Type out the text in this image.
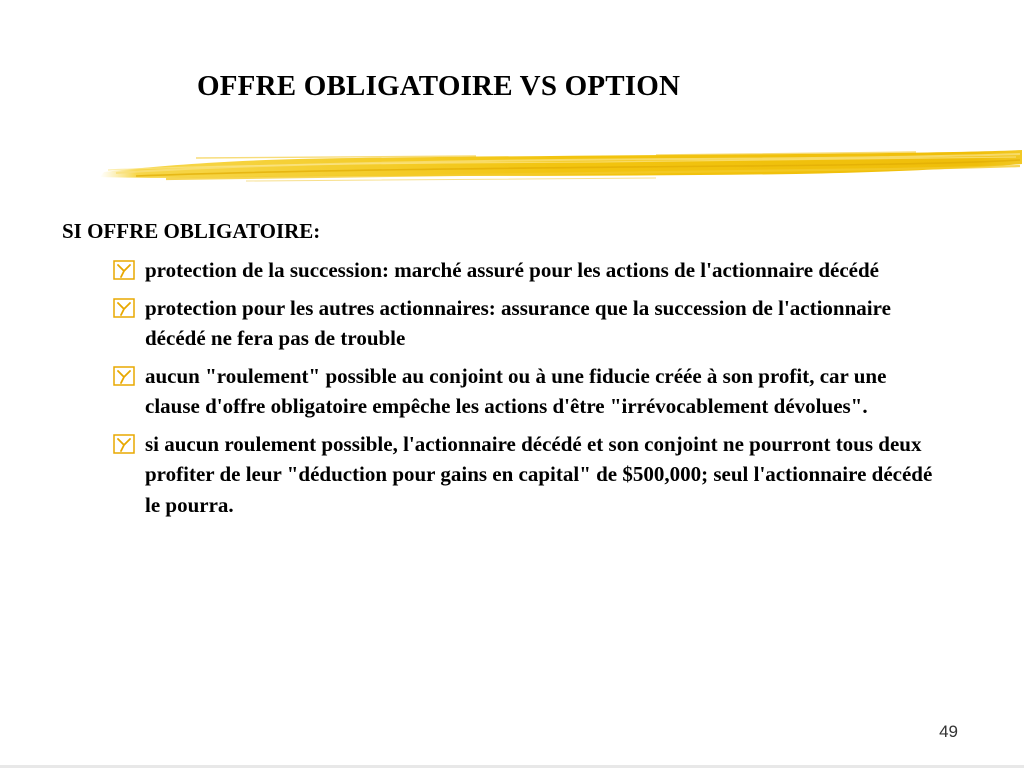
OFFRE OBLIGATOIRE VS OPTION
SI OFFRE OBLIGATOIRE:
protection de la succession: marché assuré pour les actions de l'actionnaire décédé
protection pour les autres actionnaires: assurance que la succession de l'actionnaire décédé ne fera pas de trouble
aucun "roulement" possible au conjoint ou à une fiducie créée à son profit, car une clause d'offre obligatoire empêche les actions d'être "irrévocablement dévolues".
si aucun roulement possible, l'actionnaire décédé et son conjoint ne pourront tous deux profiter de leur "déduction pour gains en capital" de $500,000; seul l'actionnaire décédé le pourra.
49
